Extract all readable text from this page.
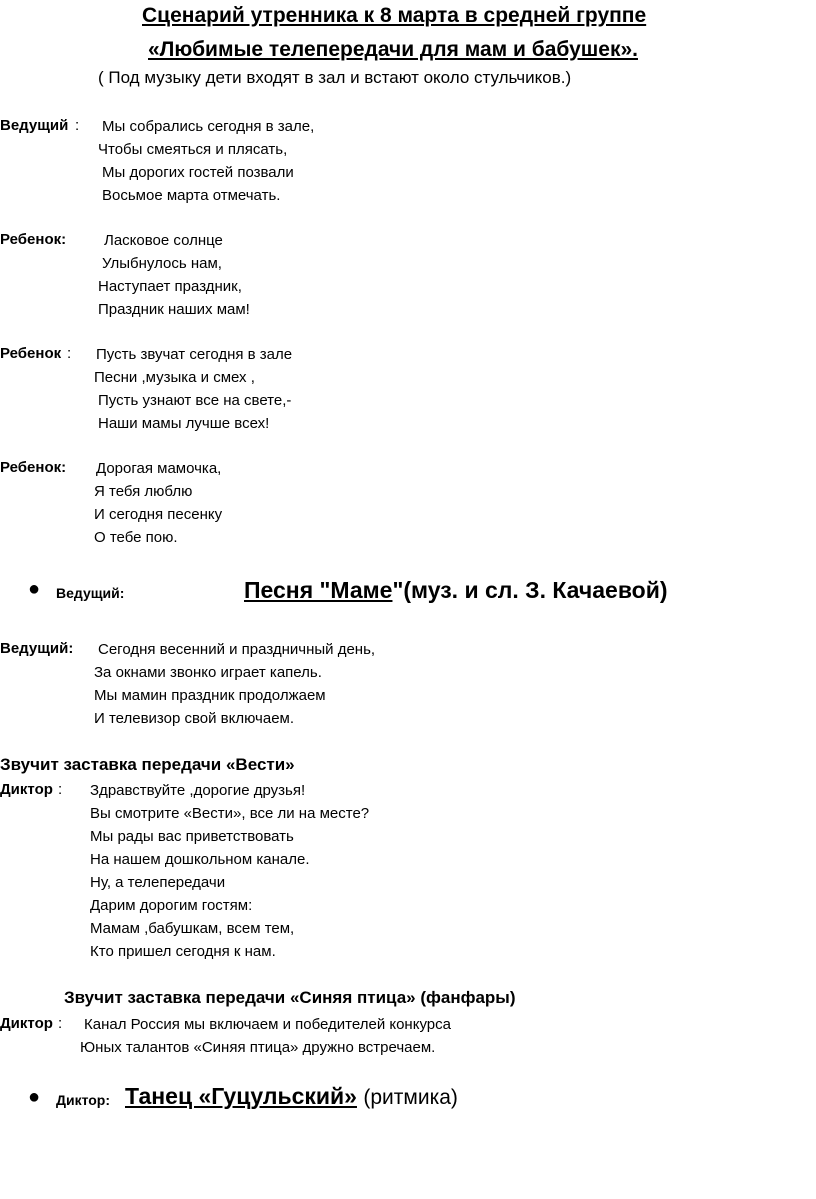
Сценарий утренника к 8 марта в средней группе
«Любимые телепередачи для мам и бабушек».
( Под музыку дети входят в зал и встают около стульчиков.)
Ведущий : Мы собрались сегодня в зале,
Чтобы смеяться и плясать,
Мы дорогих гостей позвали
Восьмое марта отмечать.
Ребенок:	Ласковое солнце
Улыбнулось нам,
Наступает праздник,
Праздник наших мам!
Ребенок : Пусть звучат сегодня в зале
Песни ,музыка и смех ,
Пусть узнают все на свете,-
Наши мамы лучше всех!
Ребенок: Дорогая мамочка,
Я тебя люблю
И сегодня песенку
О тебе пою.
● Ведущий:	Песня "Маме"(муз. и сл. З. Качаевой)
Ведущий: Сегодня весенний и праздничный день,
За окнами звонко играет капель.
Мы мамин праздник продолжаем
И телевизор свой включаем.
Звучит заставка передачи «Вести»
Диктор : Здравствуйте ,дорогие друзья!
Вы смотрите «Вести», все ли на месте?
Мы рады вас приветствовать
На нашем дошкольном канале.
Ну, а телепередачи
Дарим дорогим гостям:
Мамам ,бабушкам, всем тем,
Кто пришел сегодня к нам.
Звучит заставка передачи «Синяя птица» (фанфары)
Диктор : Канал Россия мы включаем и победителей конкурса
Юных талантов «Синяя птица» дружно встречаем.
● Диктор: Танец «Гуцульский» (ритмика)
